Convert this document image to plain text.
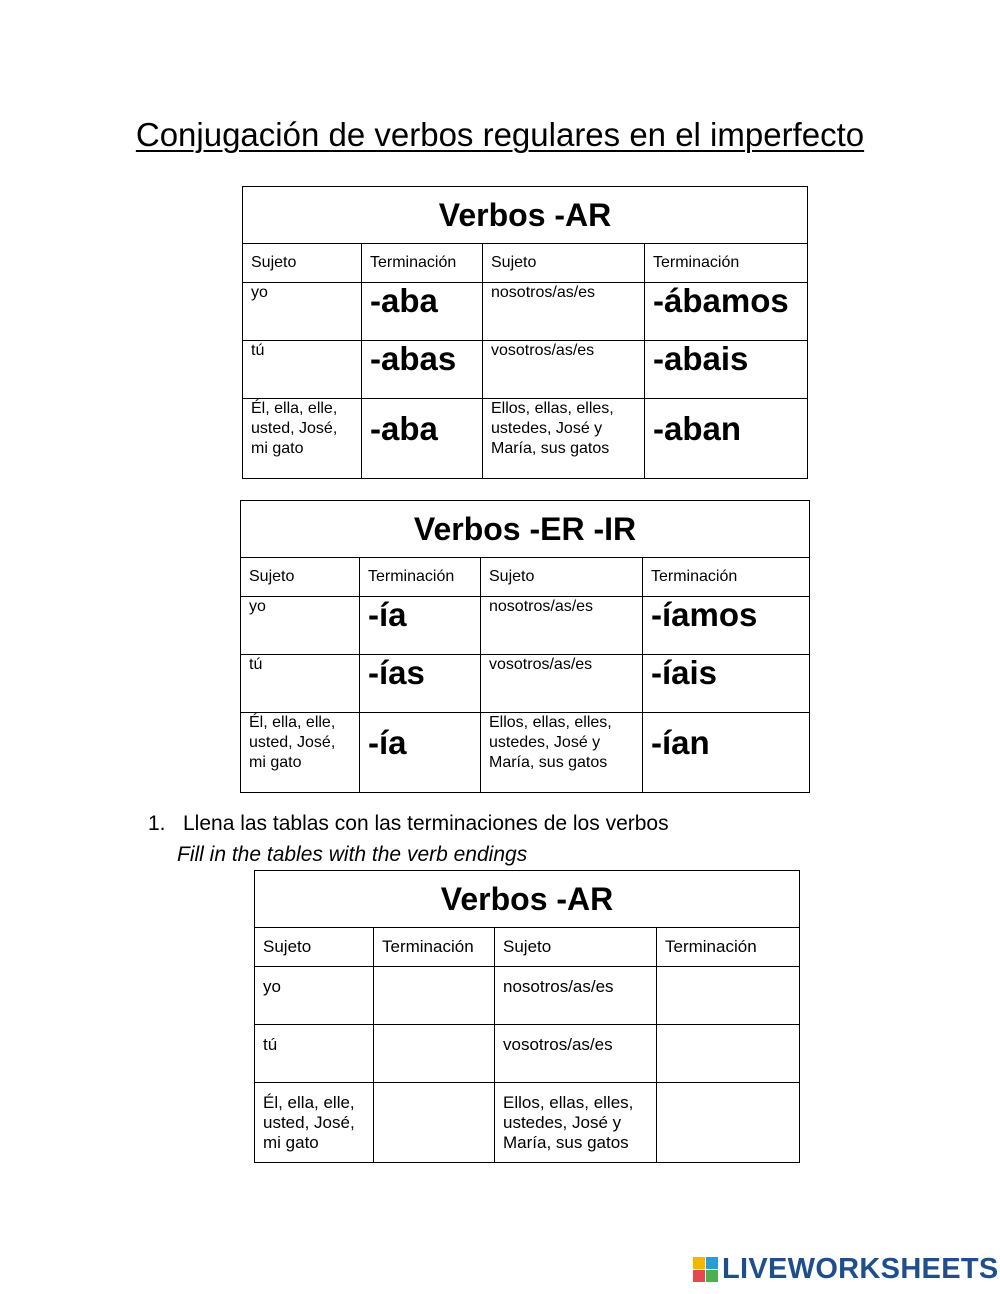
Conjugación de verbos regulares en el imperfecto
Verbos -AR			
Sujeto	Terminación	Sujeto	Terminación
yo	-aba	nosotros/as/es	-ábamos
tú	-abas	vosotros/as/es	-abais
Él, ella, elle, usted, José, mi gato	-aba	Ellos, ellas, elles, ustedes, José y María, sus gatos	-aban
Verbos -ER -IR			
Sujeto	Terminación	Sujeto	Terminación
yo	-ía	nosotros/as/es	-íamos
tú	-ías	vosotros/as/es	-íais
Él, ella, elle, usted, José, mi gato	-ía	Ellos, ellas, elles, ustedes, José y María, sus gatos	-ían
1. Llena las tablas con las terminaciones de los verbos
Fill in the tables with the verb endings
Verbos -AR			
Sujeto	Terminación	Sujeto	Terminación
yo		nosotros/as/es	
tú		vosotros/as/es	
Él, ella, elle, usted, José, mi gato		Ellos, ellas, elles, ustedes, José y María, sus gatos	
LIVEWORKSHEETS
